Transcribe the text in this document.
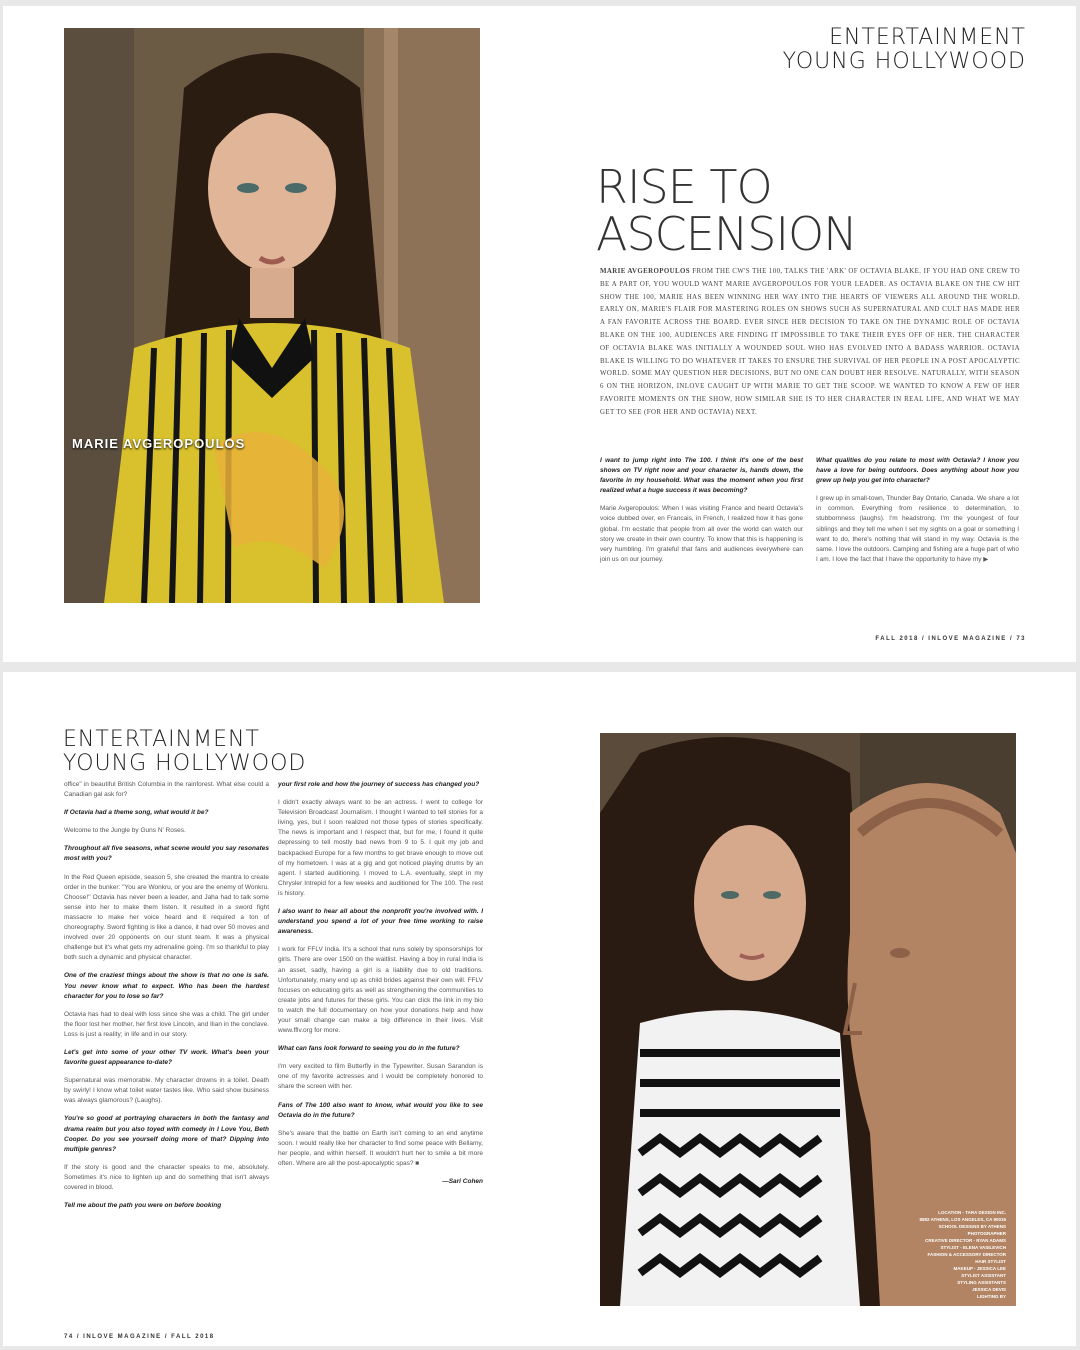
MARIE AVGEROPOULOS
ENTERTAINMENT
YOUNG HOLLYWOOD
RISE TO
ASCENSION
MARIE AVGEROPOULOS FROM THE CW'S THE 100, TALKS THE 'ARK' OF OCTAVIA BLAKE. IF YOU HAD ONE CREW TO BE A PART OF, YOU WOULD WANT MARIE AVGEROPOULOS FOR YOUR LEADER. AS OCTAVIA BLAKE ON THE CW HIT SHOW THE 100, MARIE HAS BEEN WINNING HER WAY INTO THE HEARTS OF VIEWERS ALL AROUND THE WORLD. EARLY ON, MARIE'S FLAIR FOR MASTERING ROLES ON SHOWS SUCH AS SUPERNATURAL AND CULT HAS MADE HER A FAN FAVORITE ACROSS THE BOARD. EVER SINCE HER DECISION TO TAKE ON THE DYNAMIC ROLE OF OCTAVIA BLAKE ON THE 100, AUDIENCES ARE FINDING IT IMPOSSIBLE TO TAKE THEIR EYES OFF OF HER. THE CHARACTER OF OCTAVIA BLAKE WAS INITIALLY A WOUNDED SOUL WHO HAS EVOLVED INTO A BADASS WARRIOR. OCTAVIA BLAKE IS WILLING TO DO WHATEVER IT TAKES TO ENSURE THE SURVIVAL OF HER PEOPLE IN A POST APOCALYPTIC WORLD. SOME MAY QUESTION HER DECISIONS, BUT NO ONE CAN DOUBT HER RESOLVE. NATURALLY, WITH SEASON 6 ON THE HORIZON, INLOVE CAUGHT UP WITH MARIE TO GET THE SCOOP. WE WANTED TO KNOW A FEW OF HER FAVORITE MOMENTS ON THE SHOW, HOW SIMILAR SHE IS TO HER CHARACTER IN REAL LIFE, AND WHAT WE MAY GET TO SEE (FOR HER AND OCTAVIA) NEXT.

I want to jump right into The 100. I think it's one of the best shows on TV right now and your character is, hands down, the favorite in my household. What was the moment when you first realized what a huge success it was becoming?

Marie Avgeropoulos: When I was visiting France and heard Octavia's voice dubbed over, en Francais, in French, I realized how it has gone global. I'm ecstatic that people from all over the world can watch our story we create in their own country. To know that this is happening is very humbling. I'm grateful that fans and audiences everywhere can join us on our journey.

What qualities do you relate to most with Octavia? I know you have a love for being outdoors. Does anything about how you grew up help you get into character?

I grew up in small-town, Thunder Bay Ontario, Canada. We share a lot in common. Everything from resilience to determination, to stubbornness (laughs). I'm headstrong. I'm the youngest of four siblings and they tell me when I set my sights on a goal or something I want to do, there's nothing that will stand in my way. Octavia is the same. I love the outdoors. Camping and fishing are a huge part of who I am. I love the fact that I have the opportunity to have my ▶

FALL 2018 / INLOVE MAGAZINE / 73
ENTERTAINMENT
YOUNG HOLLYWOOD

office" in beautiful British Columbia in the rainforest. What else could a Canadian gal ask for?

If Octavia had a theme song, what would it be?

Welcome to the Jungle by Guns N' Roses.

Throughout all five seasons, what scene would you say resonates most with you?

In the Red Queen episode, season 5, she created the mantra to create order in the bunker: "You are Wonkru, or you are the enemy of Wonkru. Choose!" Octavia has never been a leader, and Jaha had to talk some sense into her to make them listen. It resulted in a sword fight massacre to make her voice heard and it required a ton of choreography. Sword fighting is like a dance, it had over 50 moves and involved over 20 opponents on our stunt team. It was a physical challenge but it's what gets my adrenaline going. I'm so thankful to play both such a dynamic and physical character.

One of the craziest things about the show is that no one is safe. You never know what to expect. Who has been the hardest character for you to lose so far?

Octavia has had to deal with loss since she was a child. The girl under the floor lost her mother, her first love Lincoln, and Ilian in the conclave. Loss is just a reality; in life and in our story.

Let's get into some of your other TV work. What's been your favorite guest appearance to-date?

Supernatural was memorable. My character drowns in a toilet. Death by swirly! I know what toilet water tastes like. Who said show business was always glamorous? (Laughs).

You're so good at portraying characters in both the fantasy and drama realm but you also toyed with comedy in I Love You, Beth Cooper. Do you see yourself doing more of that? Dipping into multiple genres?

If the story is good and the character speaks to me, absolutely. Sometimes it's nice to lighten up and do something that isn't always covered in blood.

Tell me about the path you were on before booking

your first role and how the journey of success has changed you?

I didn't exactly always want to be an actress. I went to college for Television Broadcast Journalism. I thought I wanted to tell stories for a living, yes, but I soon realized not those types of stories specifically. The news is important and I respect that, but for me, I found it quite depressing to tell mostly bad news from 9 to 5. I quit my job and backpacked Europe for a few months to get brave enough to move out of my hometown. I was at a gig and got noticed playing drums by an agent. I started auditioning. I moved to L.A. eventually, slept in my Chrysler Intrepid for a few weeks and auditioned for The 100. The rest is history.

I also want to hear all about the nonprofit you're involved with. I understand you spend a lot of your free time working to raise awareness.

I work for FFLV India. It's a school that runs solely by sponsorships for girls. There are over 1500 on the waitlist. Having a boy in rural India is an asset, sadly, having a girl is a liability due to old traditions. Unfortunately, many end up as child brides against their own will. FFLV focuses on educating girls as well as strengthening the communities to create jobs and futures for these girls. You can click the link in my bio to watch the full documentary on how your donations help and how your small change can make a big difference in their lives. Visit www.fflv.org for more.

What can fans look forward to seeing you do in the future?

I'm very excited to film Butterfly in the Typewriter. Susan Sarandon is one of my favorite actresses and I would be completely honored to share the screen with her.

Fans of The 100 also want to know, what would you like to see Octavia do in the future?

She's aware that the battle on Earth isn't coming to an end anytime soon. I would really like her character to find some peace with Bellamy, her people, and within herself. It wouldn't hurt her to smile a bit more often. Where are all the post-apocalyptic spas? ■

—Sari Cohen

LOCATION - TARA DESIGN INC.
8882 ATHENS, LOS ANGELES, CA 90016
SCHOOL DESIGNS BY ATHENS
PHOTOGRAPHER
CREATIVE DIRECTOR - RYAN ADAMS
STYLIST - ELENA VASILEVICH
FASHION & ACCESSORY DIRECTOR
HAIR STYLIST
MAKEUP - JESSICA LEE
STYLIST ASSISTANT
STYLING ASSISTANTS
JESSICA DEVIS
LIGHTING BY
74 / INLOVE MAGAZINE / FALL 2018
